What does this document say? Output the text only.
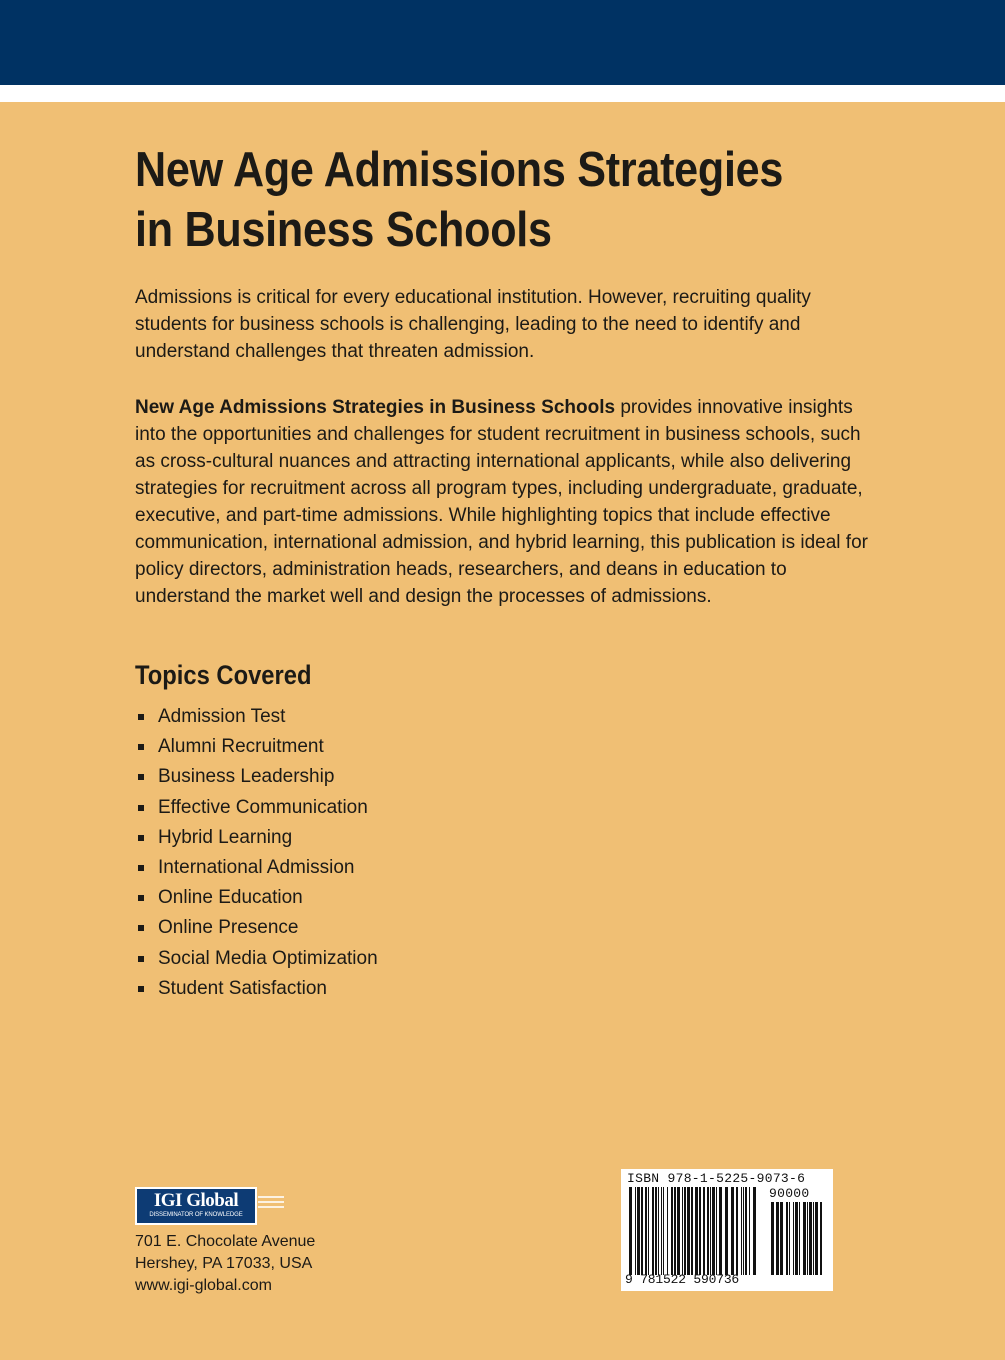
New Age Admissions Strategies
in Business Schools

Admissions is critical for every educational institution. However, recruiting quality students for business schools is challenging, leading to the need to identify and understand challenges that threaten admission.

New Age Admissions Strategies in Business Schools provides innovative insights into the opportunities and challenges for student recruitment in business schools, such as cross-cultural nuances and attracting international applicants, while also delivering strategies for recruitment across all program types, including undergraduate, graduate, executive, and part-time admissions. While highlighting topics that include effective communication, international admission, and hybrid learning, this publication is ideal for policy directors, administration heads, researchers, and deans in education to understand the market well and design the processes of admissions.

Topics Covered
Admission Test
Alumni Recruitment
Business Leadership
Effective Communication
Hybrid Learning
International Admission
Online Education
Online Presence
Social Media Optimization
Student Satisfaction
IGI Global
DISSEMINATOR OF KNOWLEDGE
701 E. Chocolate Avenue
Hershey, PA 17033, USA
www.igi-global.com
ISBN 978-1-5225-9073-6
90000
9 781522 590736
